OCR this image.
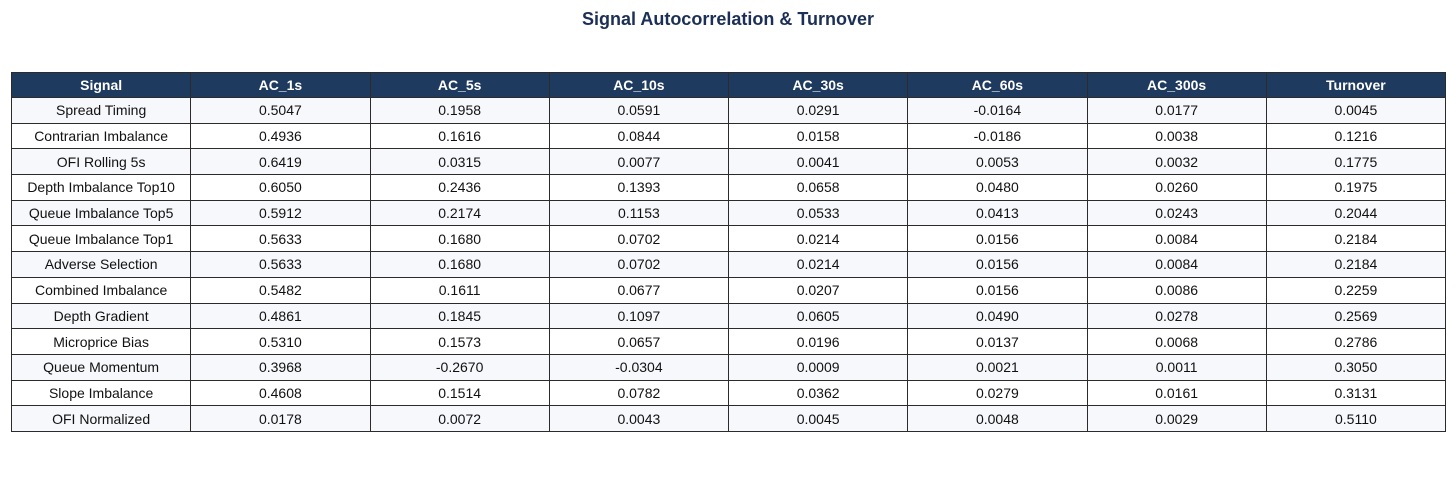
Signal Autocorrelation & Turnover
Signal	AC_1s	AC_5s	AC_10s	AC_30s	AC_60s	AC_300s	Turnover
Spread Timing	0.5047	0.1958	0.0591	0.0291	-0.0164	0.0177	0.0045
Contrarian Imbalance	0.4936	0.1616	0.0844	0.0158	-0.0186	0.0038	0.1216
OFI Rolling 5s	0.6419	0.0315	0.0077	0.0041	0.0053	0.0032	0.1775
Depth Imbalance Top10	0.6050	0.2436	0.1393	0.0658	0.0480	0.0260	0.1975
Queue Imbalance Top5	0.5912	0.2174	0.1153	0.0533	0.0413	0.0243	0.2044
Queue Imbalance Top1	0.5633	0.1680	0.0702	0.0214	0.0156	0.0084	0.2184
Adverse Selection	0.5633	0.1680	0.0702	0.0214	0.0156	0.0084	0.2184
Combined Imbalance	0.5482	0.1611	0.0677	0.0207	0.0156	0.0086	0.2259
Depth Gradient	0.4861	0.1845	0.1097	0.0605	0.0490	0.0278	0.2569
Microprice Bias	0.5310	0.1573	0.0657	0.0196	0.0137	0.0068	0.2786
Queue Momentum	0.3968	-0.2670	-0.0304	0.0009	0.0021	0.0011	0.3050
Slope Imbalance	0.4608	0.1514	0.0782	0.0362	0.0279	0.0161	0.3131
OFI Normalized	0.0178	0.0072	0.0043	0.0045	0.0048	0.0029	0.5110
